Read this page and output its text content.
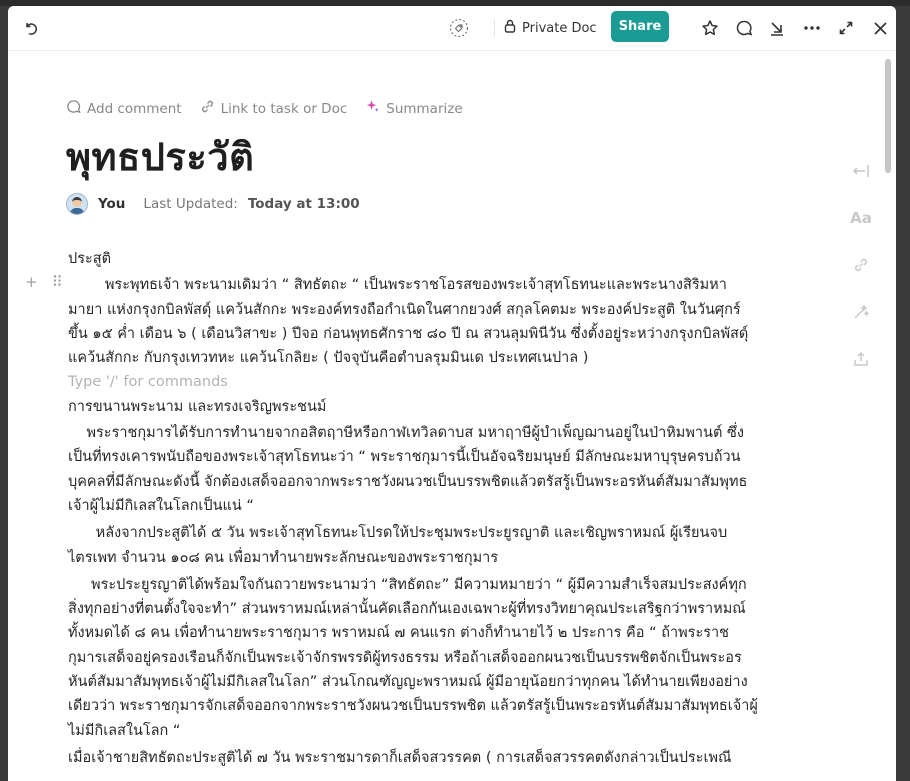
Private Doc	Share
Add comment	Link to task or Doc	Summarize
พุทธประวัติ
You Last Updated: Today at 13:00
+ ⠿

ประสูติ

พระพุทธเจ้า พระนามเดิมว่า “ สิทธัตถะ “ เป็นพระราชโอรสของพระเจ้าสุทโธทนะและพระนางสิริมหามายา แห่งกรุงกบิลพัสดุ์ แคว้นสักกะ พระองค์ทรงถือกำเนิดในศากยวงศ์ สกุลโคตมะ พระองค์ประสูติ ในวันศุกร์ ขึ้น ๑๕ ค่ำ เดือน ๖ ( เดือนวิสาขะ ) ปีจอ ก่อนพุทธศักราช ๘๐ ปี ณ สวนลุมพินีวัน ซึ่งตั้งอยู่ระหว่างกรุงกบิลพัสดุ์ แคว้นสักกะ กับกรุงเทวทหะ แคว้นโกลิยะ ( ปัจจุบันคือตำบลรุมมินเด ประเทศเนปาล )

Type '/' for commands

การขนานพระนาม และทรงเจริญพระชนม์

พระราชกุมารได้รับการทำนายจากอสิตฤาษีหรือกาฬเทวิลดาบส มหาฤาษีผู้บำเพ็ญฌานอยู่ในป่าหิมพานต์ ซึ่งเป็นที่ทรงเคารพนับถือของพระเจ้าสุทโธทนะว่า “ พระราชกุมารนี้เป็นอัจฉริยมนุษย์ มีลักษณะมหาบุรุษครบถ้วน บุคคลที่มีลักษณะดังนี้ จักต้องเสด็จออกจากพระราชวังผนวชเป็นบรรพชิตแล้วตรัสรู้เป็นพระอรหันต์สัมมาสัมพุทธเจ้าผู้ไม่มีกิเลสในโลกเป็นแน่ “

หลังจากประสูติได้ ๕ วัน พระเจ้าสุทโธทนะโปรดให้ประชุมพระประยูรญาติ และเชิญพราหมณ์ ผู้เรียนจบไตรเพท จำนวน ๑๐๘ คน เพื่อมาทำนายพระลักษณะของพระราชกุมาร

พระประยูรญาติได้พร้อมใจกันถวายพระนามว่า “สิทธัตถะ” มีความหมายว่า “ ผู้มีความสำเร็จสมประสงค์ทุกสิ่งทุกอย่างที่ตนตั้งใจจะทำ” ส่วนพราหมณ์เหล่านั้นคัดเลือกกันเองเฉพาะผู้ที่ทรงวิทยาคุณประเสริฐกว่าพราหมณ์ทั้งหมดได้ ๘ คน เพื่อทำนายพระราชกุมาร พราหมณ์ ๗ คนแรก ต่างก็ทำนายไว้ ๒ ประการ คือ “ ถ้าพระราชกุมารเสด็จอยู่ครองเรือนก็จักเป็นพระเจ้าจักรพรรดิผู้ทรงธรรม หรือถ้าเสด็จออกผนวชเป็นบรรพชิตจักเป็นพระอรหันต์สัมมาสัมพุทธเจ้าผู้ไม่มีกิเลสในโลก” ส่วนโกณฑัญญะพราหมณ์ ผู้มีอายุน้อยกว่าทุกคน ได้ทำนายเพียงอย่างเดียวว่า พระราชกุมารจักเสด็จออกจากพระราชวังผนวชเป็นบรรพชิต แล้วตรัสรู้เป็นพระอรหันต์สัมมาสัมพุทธเจ้าผู้ไม่มีกิเลสในโลก “

เมื่อเจ้าชายสิทธัตถะประสูติได้ ๗ วัน พระราชมารดาก็เสด็จสวรรคต ( การเสด็จสวรรคตดังกล่าวเป็นประเพณี

Aa
